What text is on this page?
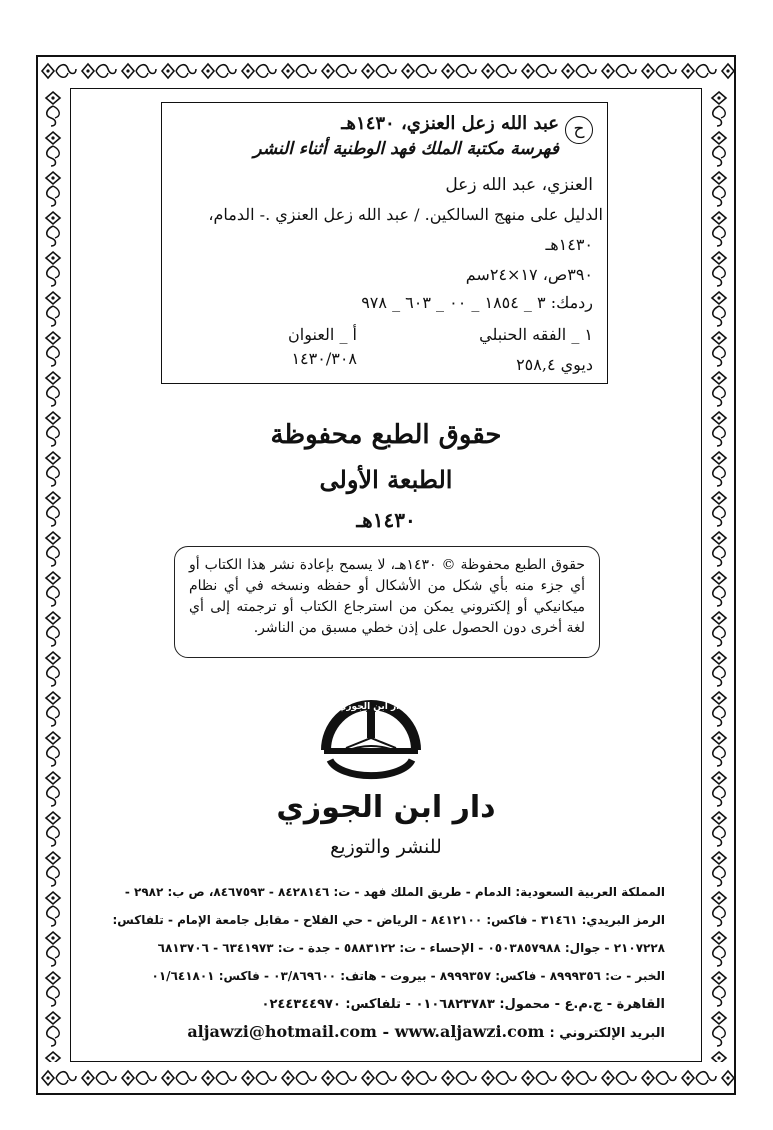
عبد الله زعل العنزي، ١٤٣٠هـ
فهرسة مكتبة الملك فهد الوطنية أثناء النشر
العنزي، عبد الله زعل
الدليل على منهج السالكين. / عبد الله زعل العنزي .- الدمام،
١٤٣٠هـ
٣٩٠ص، ١٧×٢٤سم
ردمك: ٣ _ ١٨٥٤ _ ٠٠ _ ٦٠٣ _ ٩٧٨
١ _ الفقه الحنبلي
أ _ العنوان
ديوي ٢٥٨,٤
١٤٣٠/٣٠٨
ح
حقوق الطبع محفوظة
الطبعة الأولى
١٤٣٠هـ
حقوق الطبع محفوظة © ١٤٣٠هـ، لا يسمح بإعادة نشر هذا الكتاب أو أي جزء منه بأي شكل من الأشكال أو حفظه ونسخه في أي نظام ميكانيكي أو إلكتروني يمكن من استرجاع الكتاب أو ترجمته إلى أي لغة أخرى دون الحصول على إذن خطي مسبق من الناشر.
دار ابن الجوزي
للنشر والتوزيع
دار ابن الجوزي
للنشر والتوزيع
المملكة العربية السعودية: الدمام - طريق الملك فهد - ت: ٨٤٢٨١٤٦ - ٨٤٦٧٥٩٣، ص ب: ٢٩٨٢ -
الرمز البريدي: ٣١٤٦١ - فاكس: ٨٤١٢١٠٠ - الرياض - حي الفلاح - مقابل جامعة الإمام - تلفاكس:
٢١٠٧٢٢٨ - جوال: ٠٥٠٣٨٥٧٩٨٨ - الإحساء - ت: ٥٨٨٣١٢٢ - جدة - ت: ٦٣٤١٩٧٣ - ٦٨١٣٧٠٦
الخبر - ت: ٨٩٩٩٣٥٦ - فاكس: ٨٩٩٩٣٥٧ - بيروت - هاتف: ٠٣/٨٦٩٦٠٠ - فاكس: ٠١/٦٤١٨٠١
القاهرة - ج.م.ع - محمول: ٠١٠٦٨٢٣٧٨٣ - تلفاكس: ٠٢٤٤٣٤٤٩٧٠
البريد الإلكتروني : aljawzi@hotmail.com - www.aljawzi.com
